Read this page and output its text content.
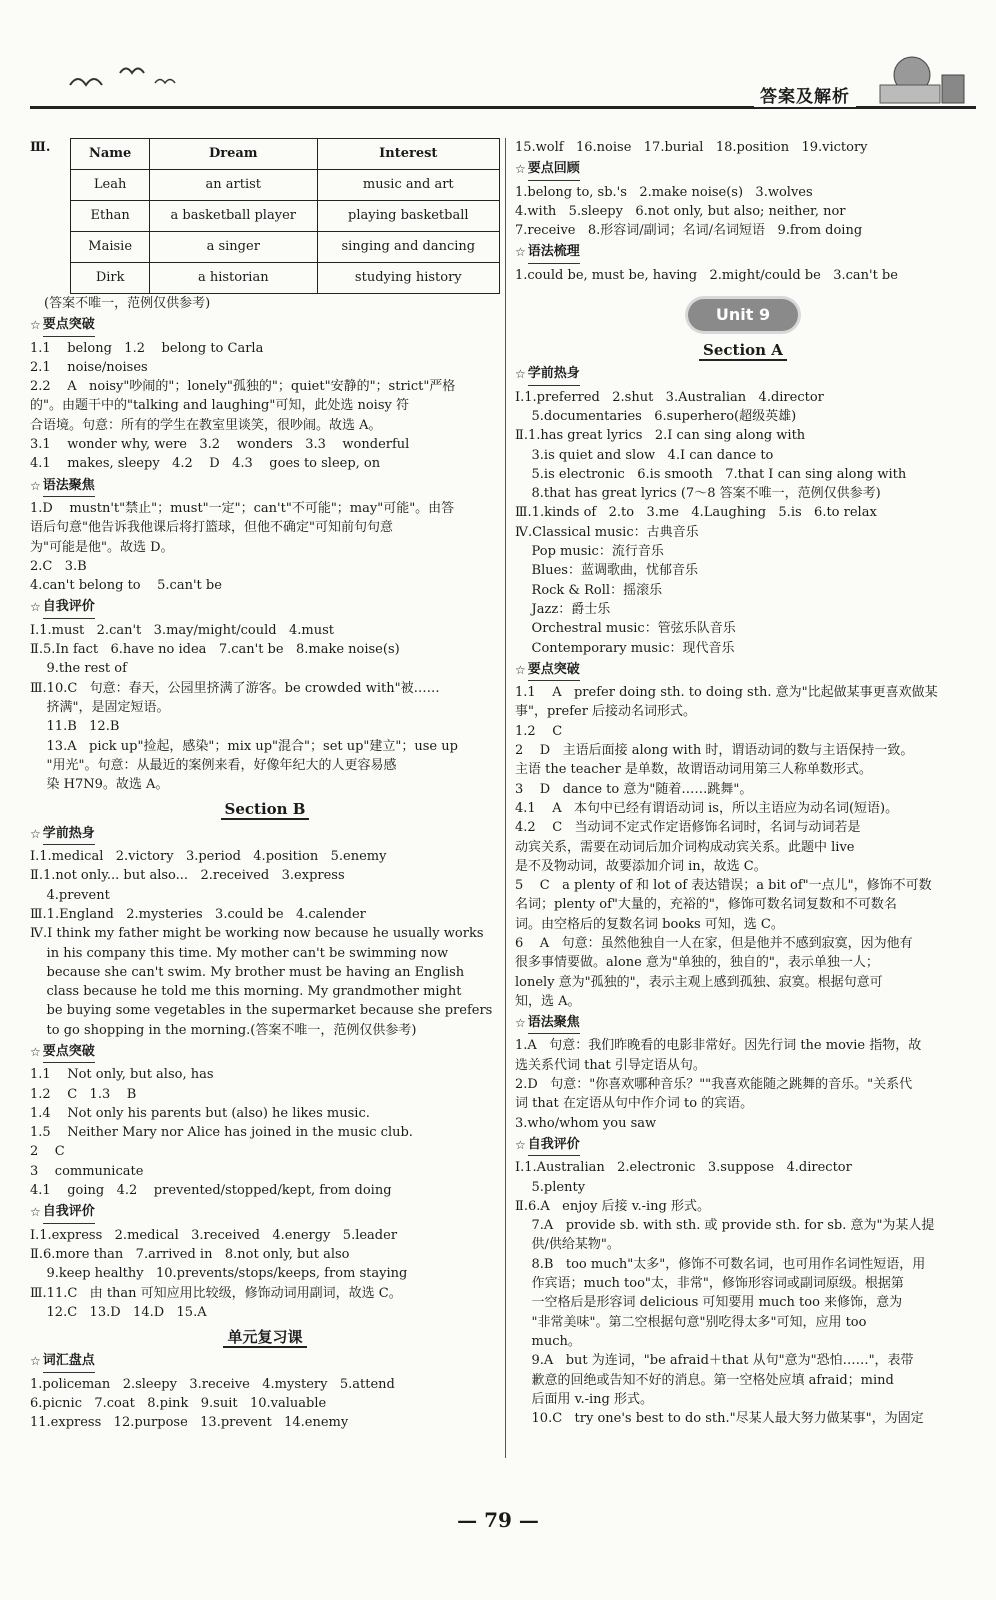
答案及解析

Ⅲ.	Name	Dream	Interest
Leah	an artist	music and art
Ethan	a basketball player	playing basketball
Maisie	a singer	singing and dancing
Dirk	a historian	studying history

(答案不唯一，范例仅供参考)

☆ 要点突破

1.1    belong   1.2    belong to Carla

2.1    noise/noises

2.2    A   noisy"吵闹的"；lonely"孤独的"；quiet"安静的"；strict"严格

的"。由题干中的"talking and laughing"可知，此处选 noisy 符

合语境。句意：所有的学生在教室里谈笑，很吵闹。故选 A。

3.1    wonder why, were   3.2    wonders   3.3    wonderful

4.1    makes, sleepy   4.2    D   4.3    goes to sleep, on

☆ 语法聚焦

1.D    mustn't"禁止"；must"一定"；can't"不可能"；may"可能"。由答

语后句意"他告诉我他课后将打篮球，但他不确定"可知前句句意

为"可能是他"。故选 D。

2.C   3.B

4.can't belong to    5.can't be

☆ 自我评价

Ⅰ.1.must   2.can't   3.may/might/could   4.must

Ⅱ.5.In fact   6.have no idea   7.can't be   8.make noise(s)

9.the rest of

Ⅲ.10.C   句意：春天，公园里挤满了游客。be crowded with"被……

挤满"，是固定短语。

11.B   12.B

13.A   pick up"捡起，感染"；mix up"混合"；set up"建立"；use up

"用光"。句意：从最近的案例来看，好像年纪大的人更容易感

染 H7N9。故选 A。

Section B
☆ 学前热身

Ⅰ.1.medical   2.victory   3.period   4.position   5.enemy

Ⅱ.1.not only... but also...   2.received   3.express

4.prevent

Ⅲ.1.England   2.mysteries   3.could be   4.calender

Ⅳ.I think my father might be working now because he usually works

in his company this time. My mother can't be swimming now

because she can't swim. My brother must be having an English

class because he told me this morning. My grandmother might

be buying some vegetables in the supermarket because she prefers

to go shopping in the morning.(答案不唯一，范例仅供参考)

☆ 要点突破

1.1    Not only, but also, has

1.2    C   1.3    B

1.4    Not only his parents but (also) he likes music.

1.5    Neither Mary nor Alice has joined in the music club.

2    C

3    communicate

4.1    going   4.2    prevented/stopped/kept, from doing

☆ 自我评价

Ⅰ.1.express   2.medical   3.received   4.energy   5.leader

Ⅱ.6.more than   7.arrived in   8.not only, but also

9.keep healthy   10.prevents/stops/keeps, from staying

Ⅲ.11.C   由 than 可知应用比较级，修饰动词用副词，故选 C。

12.C   13.D   14.D   15.A

单元复习课
☆ 词汇盘点

1.policeman   2.sleepy   3.receive   4.mystery   5.attend

6.picnic   7.coat   8.pink   9.suit   10.valuable

11.express   12.purpose   13.prevent   14.enemy

15.wolf   16.noise   17.burial   18.position   19.victory

☆ 要点回顾

1.belong to, sb.'s   2.make noise(s)   3.wolves

4.with   5.sleepy   6.not only, but also; neither, nor

7.receive   8.形容词/副词；名词/名词短语   9.from doing

☆ 语法梳理

1.could be, must be, having   2.might/could be   3.can't be

Unit 9
Section A
☆ 学前热身

Ⅰ.1.preferred   2.shut   3.Australian   4.director

5.documentaries   6.superhero(超级英雄)

Ⅱ.1.has great lyrics   2.I can sing along with

3.is quiet and slow   4.I can dance to

5.is electronic   6.is smooth   7.that I can sing along with

8.that has great lyrics (7～8 答案不唯一，范例仅供参考)

Ⅲ.1.kinds of   2.to   3.me   4.Laughing   5.is   6.to relax

Ⅳ.Classical music：古典音乐

Pop music：流行音乐

Blues：蓝调歌曲，忧郁音乐

Rock & Roll：摇滚乐

Jazz：爵士乐

Orchestral music：管弦乐队音乐

Contemporary music：现代音乐

☆ 要点突破

1.1    A   prefer doing sth. to doing sth. 意为"比起做某事更喜欢做某

事"，prefer 后接动名词形式。

1.2    C

2    D   主语后面接 along with 时，谓语动词的数与主语保持一致。

主语 the teacher 是单数，故谓语动词用第三人称单数形式。

3    D   dance to 意为"随着……跳舞"。

4.1    A   本句中已经有谓语动词 is，所以主语应为动名词(短语)。

4.2    C   当动词不定式作定语修饰名词时，名词与动词若是

动宾关系，需要在动词后加介词构成动宾关系。此题中 live

是不及物动词，故要添加介词 in，故选 C。

5    C   a plenty of 和 lot of 表达错误；a bit of"一点儿"，修饰不可数

名词；plenty of"大量的，充裕的"，修饰可数名词复数和不可数名

词。由空格后的复数名词 books 可知，选 C。

6    A   句意：虽然他独自一人在家，但是他并不感到寂寞，因为他有

很多事情要做。alone 意为"单独的，独自的"，表示单独一人；

lonely 意为"孤独的"，表示主观上感到孤独、寂寞。根据句意可

知，选 A。

☆ 语法聚焦

1.A   句意：我们昨晚看的电影非常好。因先行词 the movie 指物，故

选关系代词 that 引导定语从句。

2.D   句意："你喜欢哪种音乐？""我喜欢能随之跳舞的音乐。"关系代

词 that 在定语从句中作介词 to 的宾语。

3.who/whom you saw

☆ 自我评价

Ⅰ.1.Australian   2.electronic   3.suppose   4.director

5.plenty

Ⅱ.6.A   enjoy 后接 v.-ing 形式。

7.A   provide sb. with sth. 或 provide sth. for sb. 意为"为某人提

供/供给某物"。

8.B   too much"太多"，修饰不可数名词，也可用作名词性短语，用

作宾语；much too"太，非常"，修饰形容词或副词原级。根据第

一空格后是形容词 delicious 可知要用 much too 来修饰，意为

"非常美味"。第二空根据句意"别吃得太多"可知，应用 too

much。

9.A   but 为连词，"be afraid＋that 从句"意为"恐怕……"，表带

歉意的回绝或告知不好的消息。第一空格处应填 afraid；mind

后面用 v.-ing 形式。

10.C   try one's best to do sth."尽某人最大努力做某事"，为固定

— 79 —
